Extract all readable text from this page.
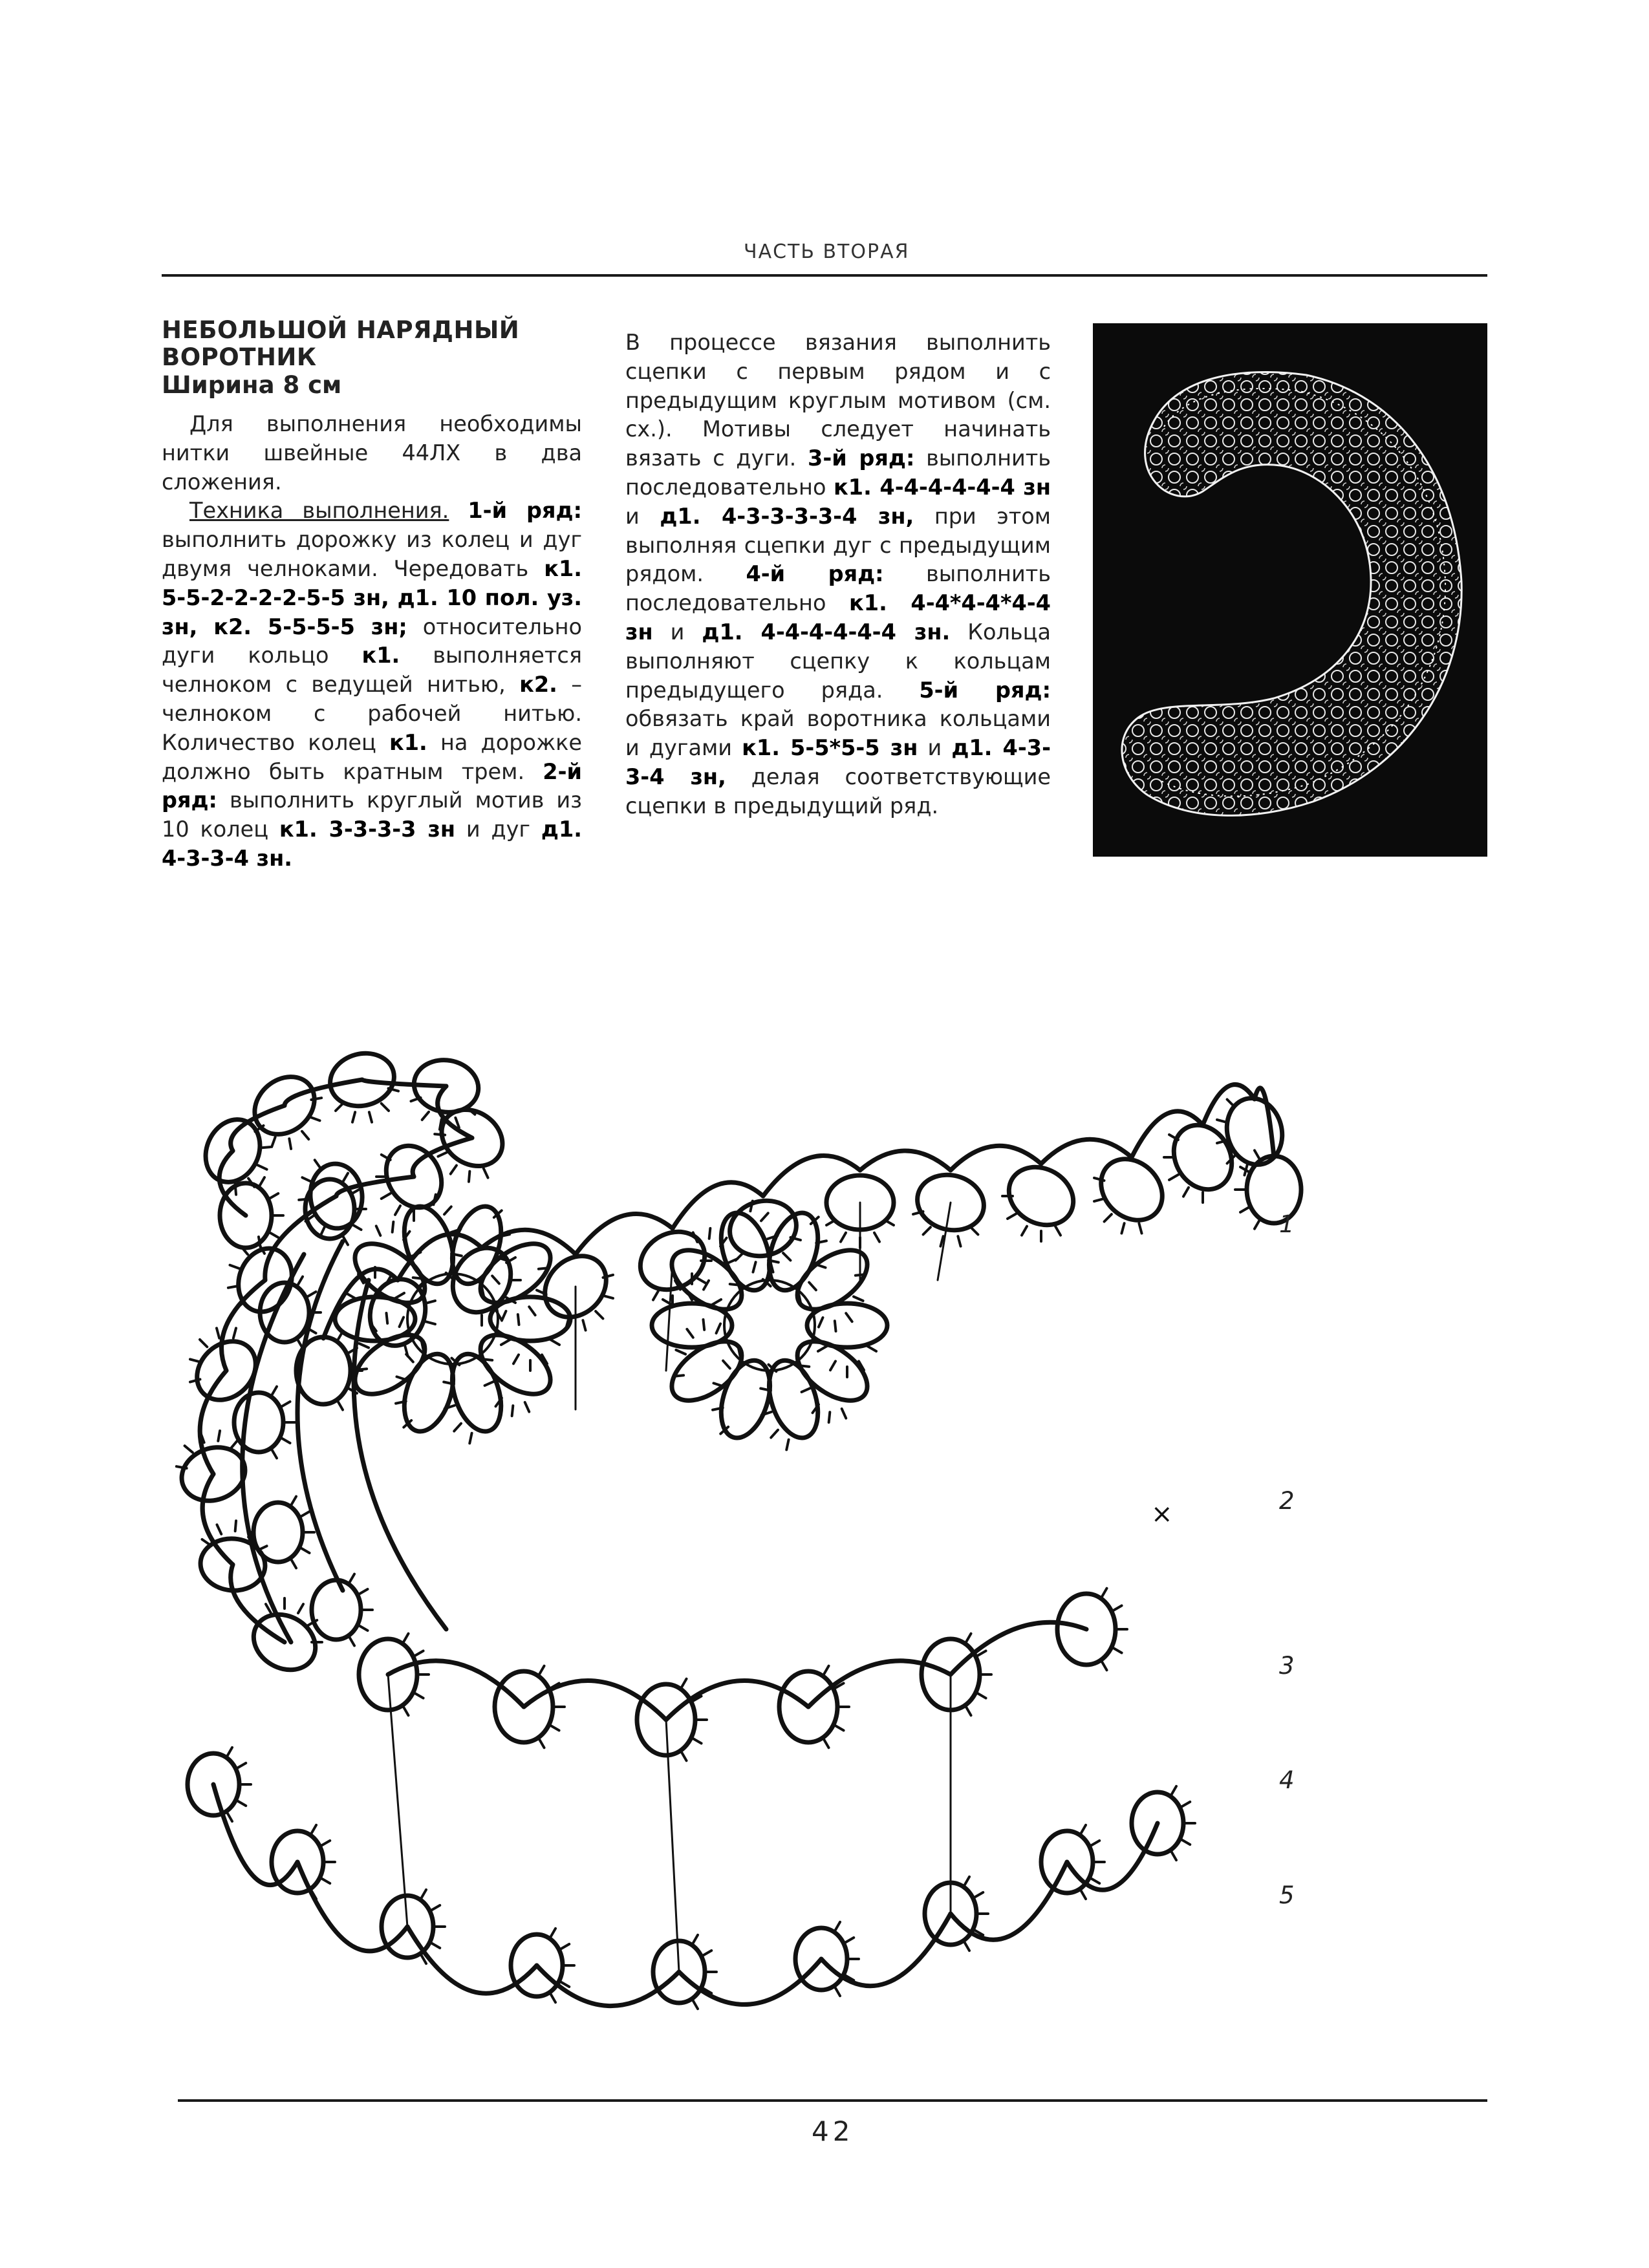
ЧАСТЬ ВТОРАЯ
НЕБОЛЬШОЙ НАРЯДНЫЙ
ВОРОТНИК
Ширина 8 см

Для выполнения необходимы нитки швейные 44ЛХ в два сложения.

Техника выполнения. 1-й ряд: выполнить дорожку из колец и дуг двумя челноками. Чередовать к1. 5-5-2-2-2-2-5-5 зн, д1. 10 пол. уз. зн, к2. 5-5-5-5 зн; относительно дуги кольцо к1. выполняется челноком с ведущей нитью, к2. – челноком с рабочей нитью. Количество колец к1. на дорожке должно быть кратным трем. 2-й ряд: выполнить круглый мотив из 10 колец к1. 3-3-3-3 зн и дуг д1. 4-3-3-4 зн.

В процессе вязания выполнить сцепки с первым рядом и с предыдущим круглым мотивом (см. сх.). Мотивы следует начинать вязать с дуги. 3-й ряд: выполнить последовательно к1. 4-4-4-4-4-4 зн и д1. 4-3-3-3-3-4 зн, при этом выполняя сцепки дуг с предыдущим рядом. 4-й ряд: выполнить последовательно к1. 4-4*4-4*4-4 зн и д1. 4-4-4-4-4-4 зн. Кольца выполняют сцепку к кольцам предыдущего ряда. 5-й ряд: обвязать край воротника кольцами и дугами к1. 5-5*5-5 зн и д1. 4-3-3-4 зн, делая соответствующие сцепки в предыдущий ряд.

×
1
2
3
4
5
42
